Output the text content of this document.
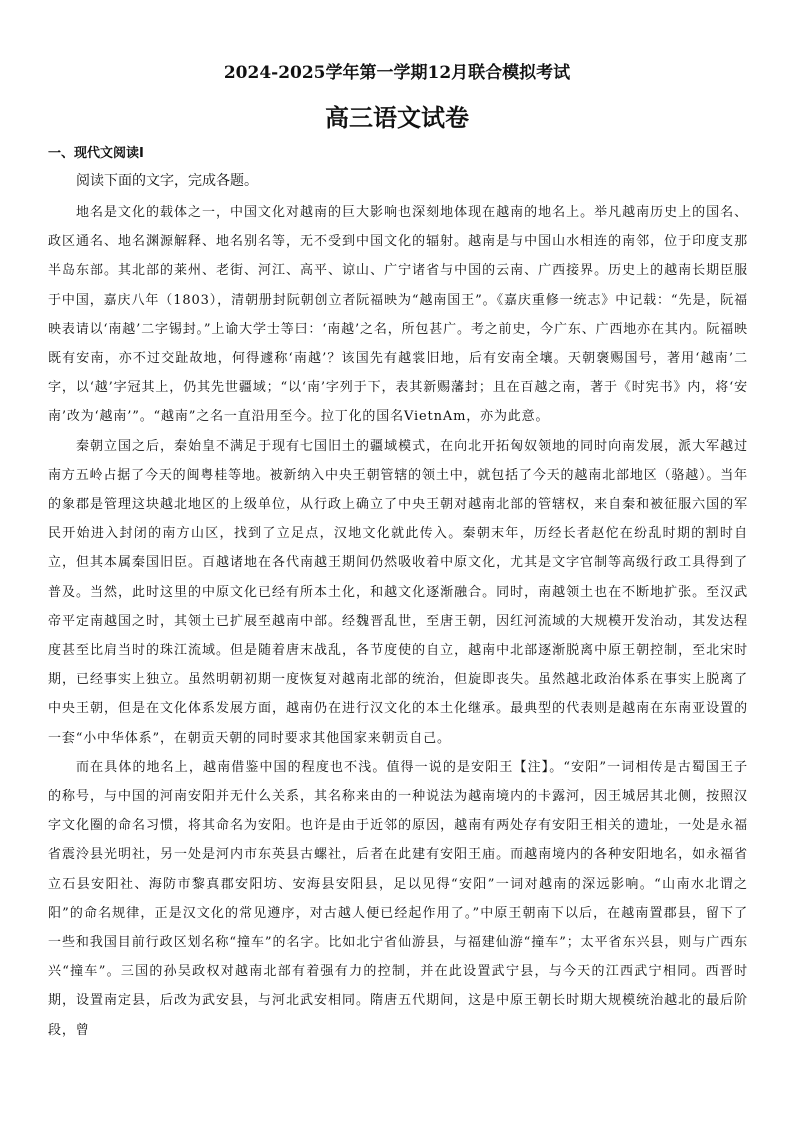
2024-2025学年第一学期12月联合模拟考试
高三语文试卷
一、现代文阅读I
阅读下面的文字，完成各题。

地名是文化的载体之一，中国文化对越南的巨大影响也深刻地体现在越南的地名上。举凡越南历史上的国名、政区通名、地名渊源解释、地名别名等，无不受到中国文化的辐射。越南是与中国山水相连的南邻，位于印度支那半岛东部。其北部的莱州、老街、河江、高平、谅山、广宁诸省与中国的云南、广西接界。历史上的越南长期臣服于中国，嘉庆八年（1803），清朝册封阮朝创立者阮福映为“越南国王”。《嘉庆重修一统志》中记载：“先是，阮福映表请以‘南越’二字锡封。”上谕大学士等曰：‘南越’之名，所包甚广。考之前史，今广东、广西地亦在其内。阮福映既有安南，亦不过交趾故地，何得遽称‘南越’？该国先有越裳旧地，后有安南全壤。天朝褒赐国号，著用‘越南’二字，以‘越’字冠其上，仍其先世疆域；“以‘南’字列于下，表其新赐藩封；且在百越之南，著于《时宪书》内，将‘安南’改为‘越南’”。“越南”之名一直沿用至今。拉丁化的国名VietnAm，亦为此意。

秦朝立国之后，秦始皇不满足于现有七国旧土的疆域模式，在向北开拓匈奴领地的同时向南发展，派大军越过南方五岭占据了今天的闽粤桂等地。被新纳入中央王朝管辖的领土中，就包括了今天的越南北部地区（骆越）。当年的象郡是管理这块越北地区的上级单位，从行政上确立了中央王朝对越南北部的管辖权，来自秦和被征服六国的军民开始进入封闭的南方山区，找到了立足点，汉地文化就此传入。秦朝末年，历经长者赵佗在纷乱时期的割时自立，但其本属秦国旧臣。百越诸地在各代南越王期间仍然吸收着中原文化，尤其是文字官制等高级行政工具得到了普及。当然，此时这里的中原文化已经有所本土化，和越文化逐渐融合。同时，南越领土也在不断地扩张。至汉武帝平定南越国之时，其领土已扩展至越南中部。经魏晋乱世，至唐王朝，因红河流域的大规模开发治动，其发达程度甚至比肩当时的珠江流域。但是随着唐末战乱，各节度使的自立，越南中北部逐渐脱离中原王朝控制，至北宋时期，已经事实上独立。虽然明朝初期一度恢复对越南北部的统治，但旋即丧失。虽然越北政治体系在事实上脱离了中央王朝，但是在文化体系发展方面，越南仍在进行汉文化的本土化继承。最典型的代表则是越南在东南亚设置的一套“小中华体系”，在朝贡天朝的同时要求其他国家来朝贡自己。

而在具体的地名上，越南借鉴中国的程度也不浅。值得一说的是安阳王【注】。“安阳”一词相传是古蜀国王子的称号，与中国的河南安阳并无什么关系，其名称来由的一种说法为越南境内的卡露河，因王城居其北侧，按照汉字文化圈的命名习惯，将其命名为安阳。也许是由于近邻的原因，越南有两处存有安阳王相关的遗址，一处是永福省震泠县光明社，另一处是河内市东英县古螺社，后者在此建有安阳王庙。而越南境内的各种安阳地名，如永福省立石县安阳社、海防市黎真郡安阳坊、安海县安阳县，足以见得“安阳”一词对越南的深远影响。“山南水北谓之阳”的命名规律，正是汉文化的常见遵序，对古越人便已经起作用了。”中原王朝南下以后，在越南置郡县，留下了一些和我国目前行政区划名称“撞车”的名字。比如北宁省仙游县，与福建仙游“撞车”；太平省东兴县，则与广西东兴“撞车”。三国的孙吴政权对越南北部有着强有力的控制，并在此设置武宁县，与今天的江西武宁相同。西晋时期，设置南定县，后改为武安县，与河北武安相同。隋唐五代期间，这是中原王朝长时期大规模统治越北的最后阶段，曾
